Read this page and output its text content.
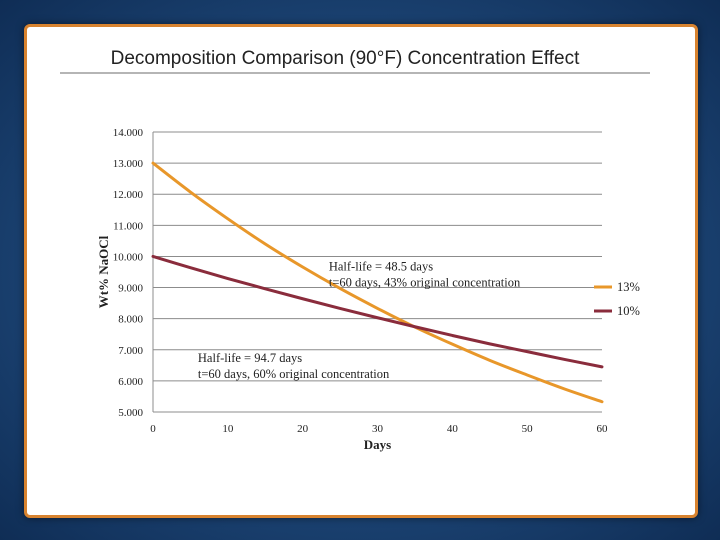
Decomposition Comparison (90°F) Concentration Effect
14.000
13.000
12.000
11.000
10.000
9.000
8.000
7.000
6.000
5.000
0	10	20	30	40	50	60
Half-life = 48.5 days
t=60 days, 43% original concentration
Half-life = 94.7 days
t=60 days, 60% original concentration
13%
10%
Days
Wt% NaOCl
